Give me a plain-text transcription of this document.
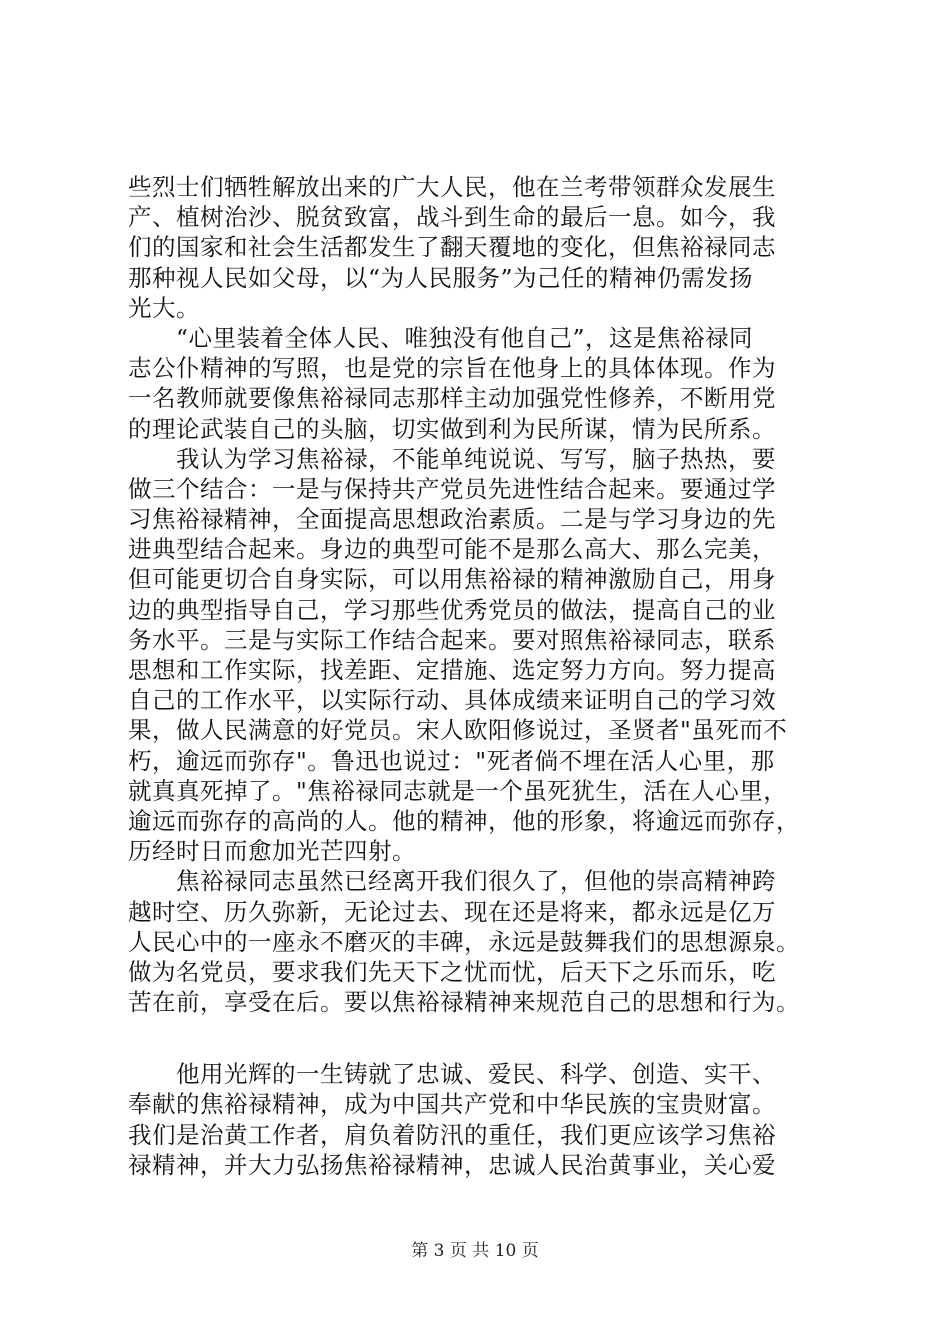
些烈士们牺牲解放出来的广大人民，他在兰考带领群众发展生
产、植树治沙、脱贫致富，战斗到生命的最后一息。如今，我
们的国家和社会生活都发生了翻天覆地的变化，但焦裕禄同志
那种视人民如父母，以“为人民服务”为己任的精神仍需发扬
光大。
　　“心里装着全体人民、唯独没有他自己”，这是焦裕禄同
志公仆精神的写照，也是党的宗旨在他身上的具体体现。作为
一名教师就要像焦裕禄同志那样主动加强党性修养，不断用党
的理论武装自己的头脑，切实做到利为民所谋，情为民所系。
　　我认为学习焦裕禄，不能单纯说说、写写，脑子热热，要
做三个结合：一是与保持共产党员先进性结合起来。要通过学
习焦裕禄精神，全面提高思想政治素质。二是与学习身边的先
进典型结合起来。身边的典型可能不是那么高大、那么完美，
但可能更切合自身实际，可以用焦裕禄的精神激励自己，用身
边的典型指导自己，学习那些优秀党员的做法，提高自己的业
务水平。三是与实际工作结合起来。要对照焦裕禄同志，联系
思想和工作实际，找差距、定措施、选定努力方向。努力提高
自己的工作水平，以实际行动、具体成绩来证明自己的学习效
果，做人民满意的好党员。宋人欧阳修说过，圣贤者"虽死而不
朽，逾远而弥存"。鲁迅也说过："死者倘不埋在活人心里，那
就真真死掉了。"焦裕禄同志就是一个虽死犹生，活在人心里，
逾远而弥存的高尚的人。他的精神，他的形象，将逾远而弥存，
历经时日而愈加光芒四射。
　　焦裕禄同志虽然已经离开我们很久了，但他的崇高精神跨
越时空、历久弥新，无论过去、现在还是将来，都永远是亿万
人民心中的一座永不磨灭的丰碑，永远是鼓舞我们的思想源泉。
做为名党员，要求我们先天下之忧而忧，后天下之乐而乐，吃
苦在前，享受在后。要以焦裕禄精神来规范自己的思想和行为。
　　他用光辉的一生铸就了忠诚、爱民、科学、创造、实干、
奉献的焦裕禄精神，成为中国共产党和中华民族的宝贵财富。
我们是治黄工作者，肩负着防汛的重任，我们更应该学习焦裕
禄精神，并大力弘扬焦裕禄精神，忠诚人民治黄事业，关心爱
第 3 页 共 10 页
